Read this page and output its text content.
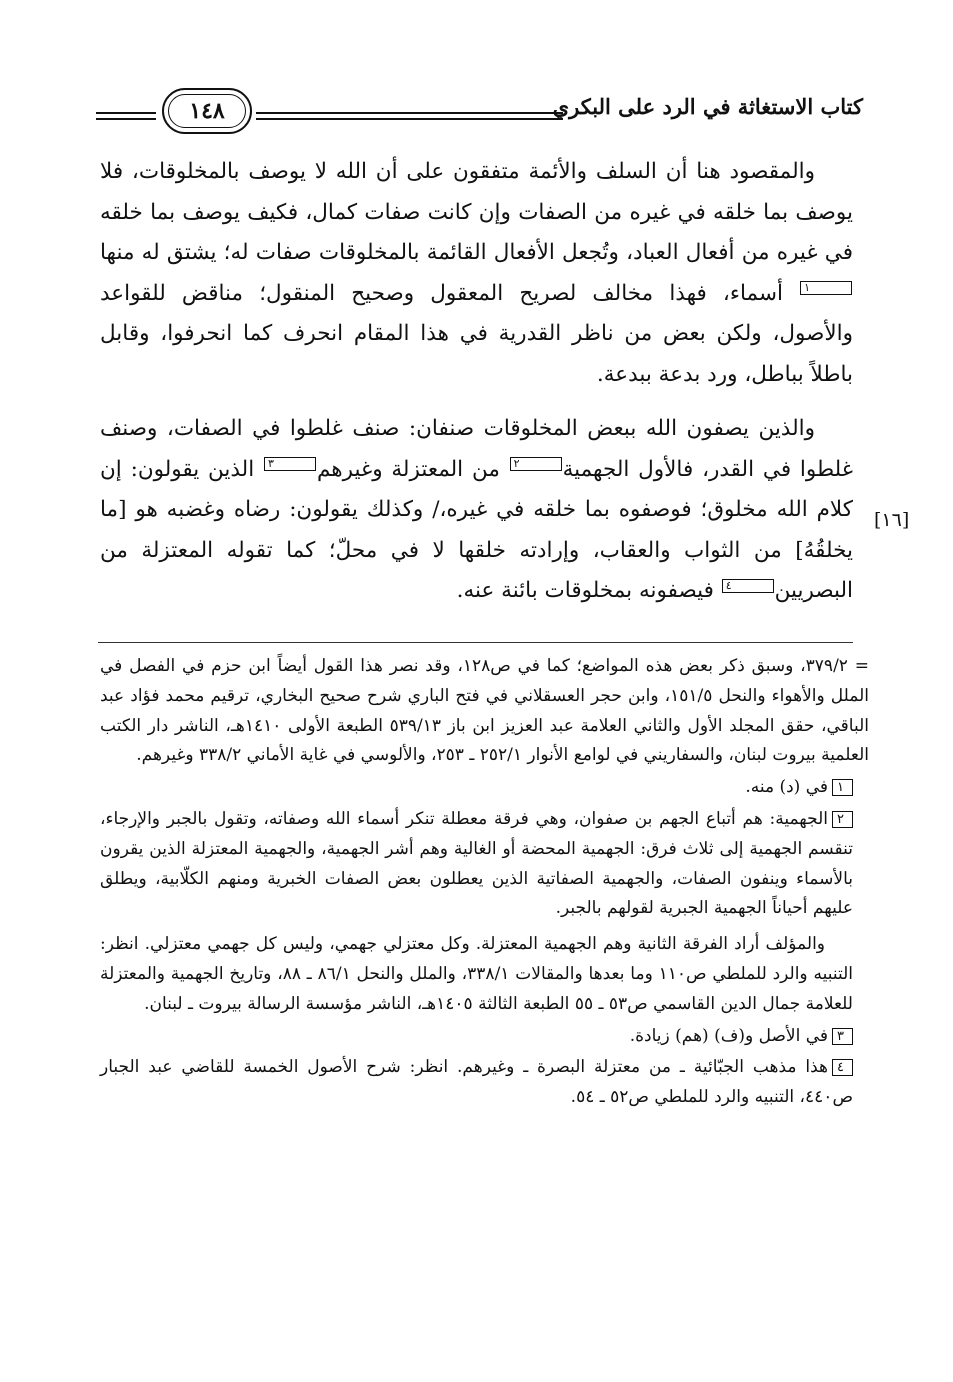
كتاب الاستغاثة في الرد على البكري
١٤٨

والمقصود هنا أن السلف والأئمة متفقون على أن الله لا يوصف بالمخلوقات، فلا يوصف بما خلقه في غيره من الصفات وإن كانت صفات كمال، فكيف يوصف بما خلقه في غيره من أفعال العباد، وتُجعل الأفعال القائمة بالمخلوقات صفات له؛ يشتق له منها١ أسماء، فهذا مخالف لصريح المعقول وصحيح المنقول؛ مناقض للقواعد والأصول، ولكن بعض من ناظر القدرية في هذا المقام انحرف كما انحرفوا، وقابل باطلاً بباطل، ورد بدعة ببدعة.

والذين يصفون الله ببعض المخلوقات صنفان: صنف غلطوا في الصفات، وصنف غلطوا في القدر، فالأول الجهمية٢ من المعتزلة وغيرهم٣ الذين يقولون: إن كلام الله مخلوق؛ فوصفوه بما خلقه في غيره،/ وكذلك يقولون: رضاه وغضبه هو [ما يخلقُهُ] من الثواب والعقاب، وإرادته خلقها لا في محلّ؛ كما تقوله المعتزلة من البصريين٤ فيصفونه بمخلوقات بائنة عنه.

[١٦]

= ٣٧٩/٢، وسبق ذكر بعض هذه المواضع؛ كما في ص١٢٨، وقد نصر هذا القول أيضاً ابن حزم في الفصل في الملل والأهواء والنحل ١٥١/٥، وابن حجر العسقلاني في فتح الباري شرح صحيح البخاري، ترقيم محمد فؤاد عبد الباقي، حقق المجلد الأول والثاني العلامة عبد العزيز ابن باز ٥٣٩/١٣ الطبعة الأولى ١٤١٠هـ، الناشر دار الكتب العلمية بيروت لبنان، والسفاريني في لوامع الأنوار ٢٥٢/١ ـ ٢٥٣، والألوسي في غاية الأماني ٣٣٨/٢ وغيرهم.

١في (د) منه.

٢الجهمية: هم أتباع الجهم بن صفوان، وهي فرقة معطلة تنكر أسماء الله وصفاته، وتقول بالجبر والإرجاء، تنقسم الجهمية إلى ثلاث فرق: الجهمية المحضة أو الغالية وهم أشر الجهمية، والجهمية المعتزلة الذين يقرون بالأسماء وينفون الصفات، والجهمية الصفاتية الذين يعطلون بعض الصفات الخبرية ومنهم الكلّابية، ويطلق عليهم أحياناً الجهمية الجبرية لقولهم بالجبر.

والمؤلف أراد الفرقة الثانية وهم الجهمية المعتزلة. وكل معتزلي جهمي، وليس كل جهمي معتزلي. انظر: التنبيه والرد للملطي ص١١٠ وما بعدها والمقالات ٣٣٨/١، والملل والنحل ٨٦/١ ـ ٨٨، وتاريخ الجهمية والمعتزلة للعلامة جمال الدين القاسمي ص٥٣ ـ ٥٥ الطبعة الثالثة ١٤٠٥هـ، الناشر مؤسسة الرسالة بيروت ـ لبنان.

٣في الأصل و(ف) (هم) زيادة.

٤هذا مذهب الجبّائية ـ من معتزلة البصرة ـ وغيرهم. انظر: شرح الأصول الخمسة للقاضي عبد الجبار ص٤٤٠، التنبيه والرد للملطي ص٥٢ ـ ٥٤.
